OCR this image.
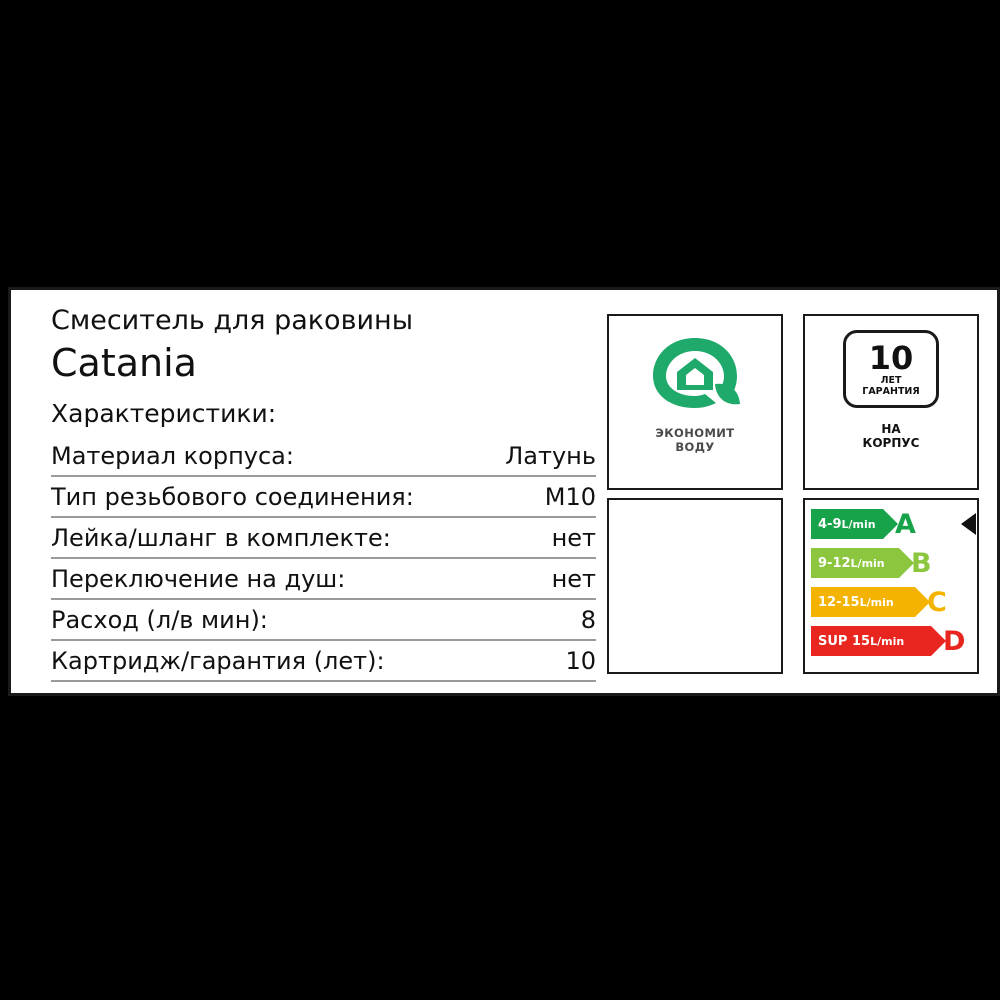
Смеситель для раковины
Catania
Характеристики:
Материал корпуса:	Латунь
Тип резьбового соединения:	M10
Лейка/шланг в комплекте:	нет
Переключение на душ:	нет
Расход (л/в мин):	8
Картридж/гарантия (лет):	10
ЭКОНОМИТ
ВОДУ
10
ЛЕТ
ГАРАНТИЯ
НА
КОРПУС
4-9 L/min A
9-12 L/min B
12-15 L/min C
SUP 15 L/min D
